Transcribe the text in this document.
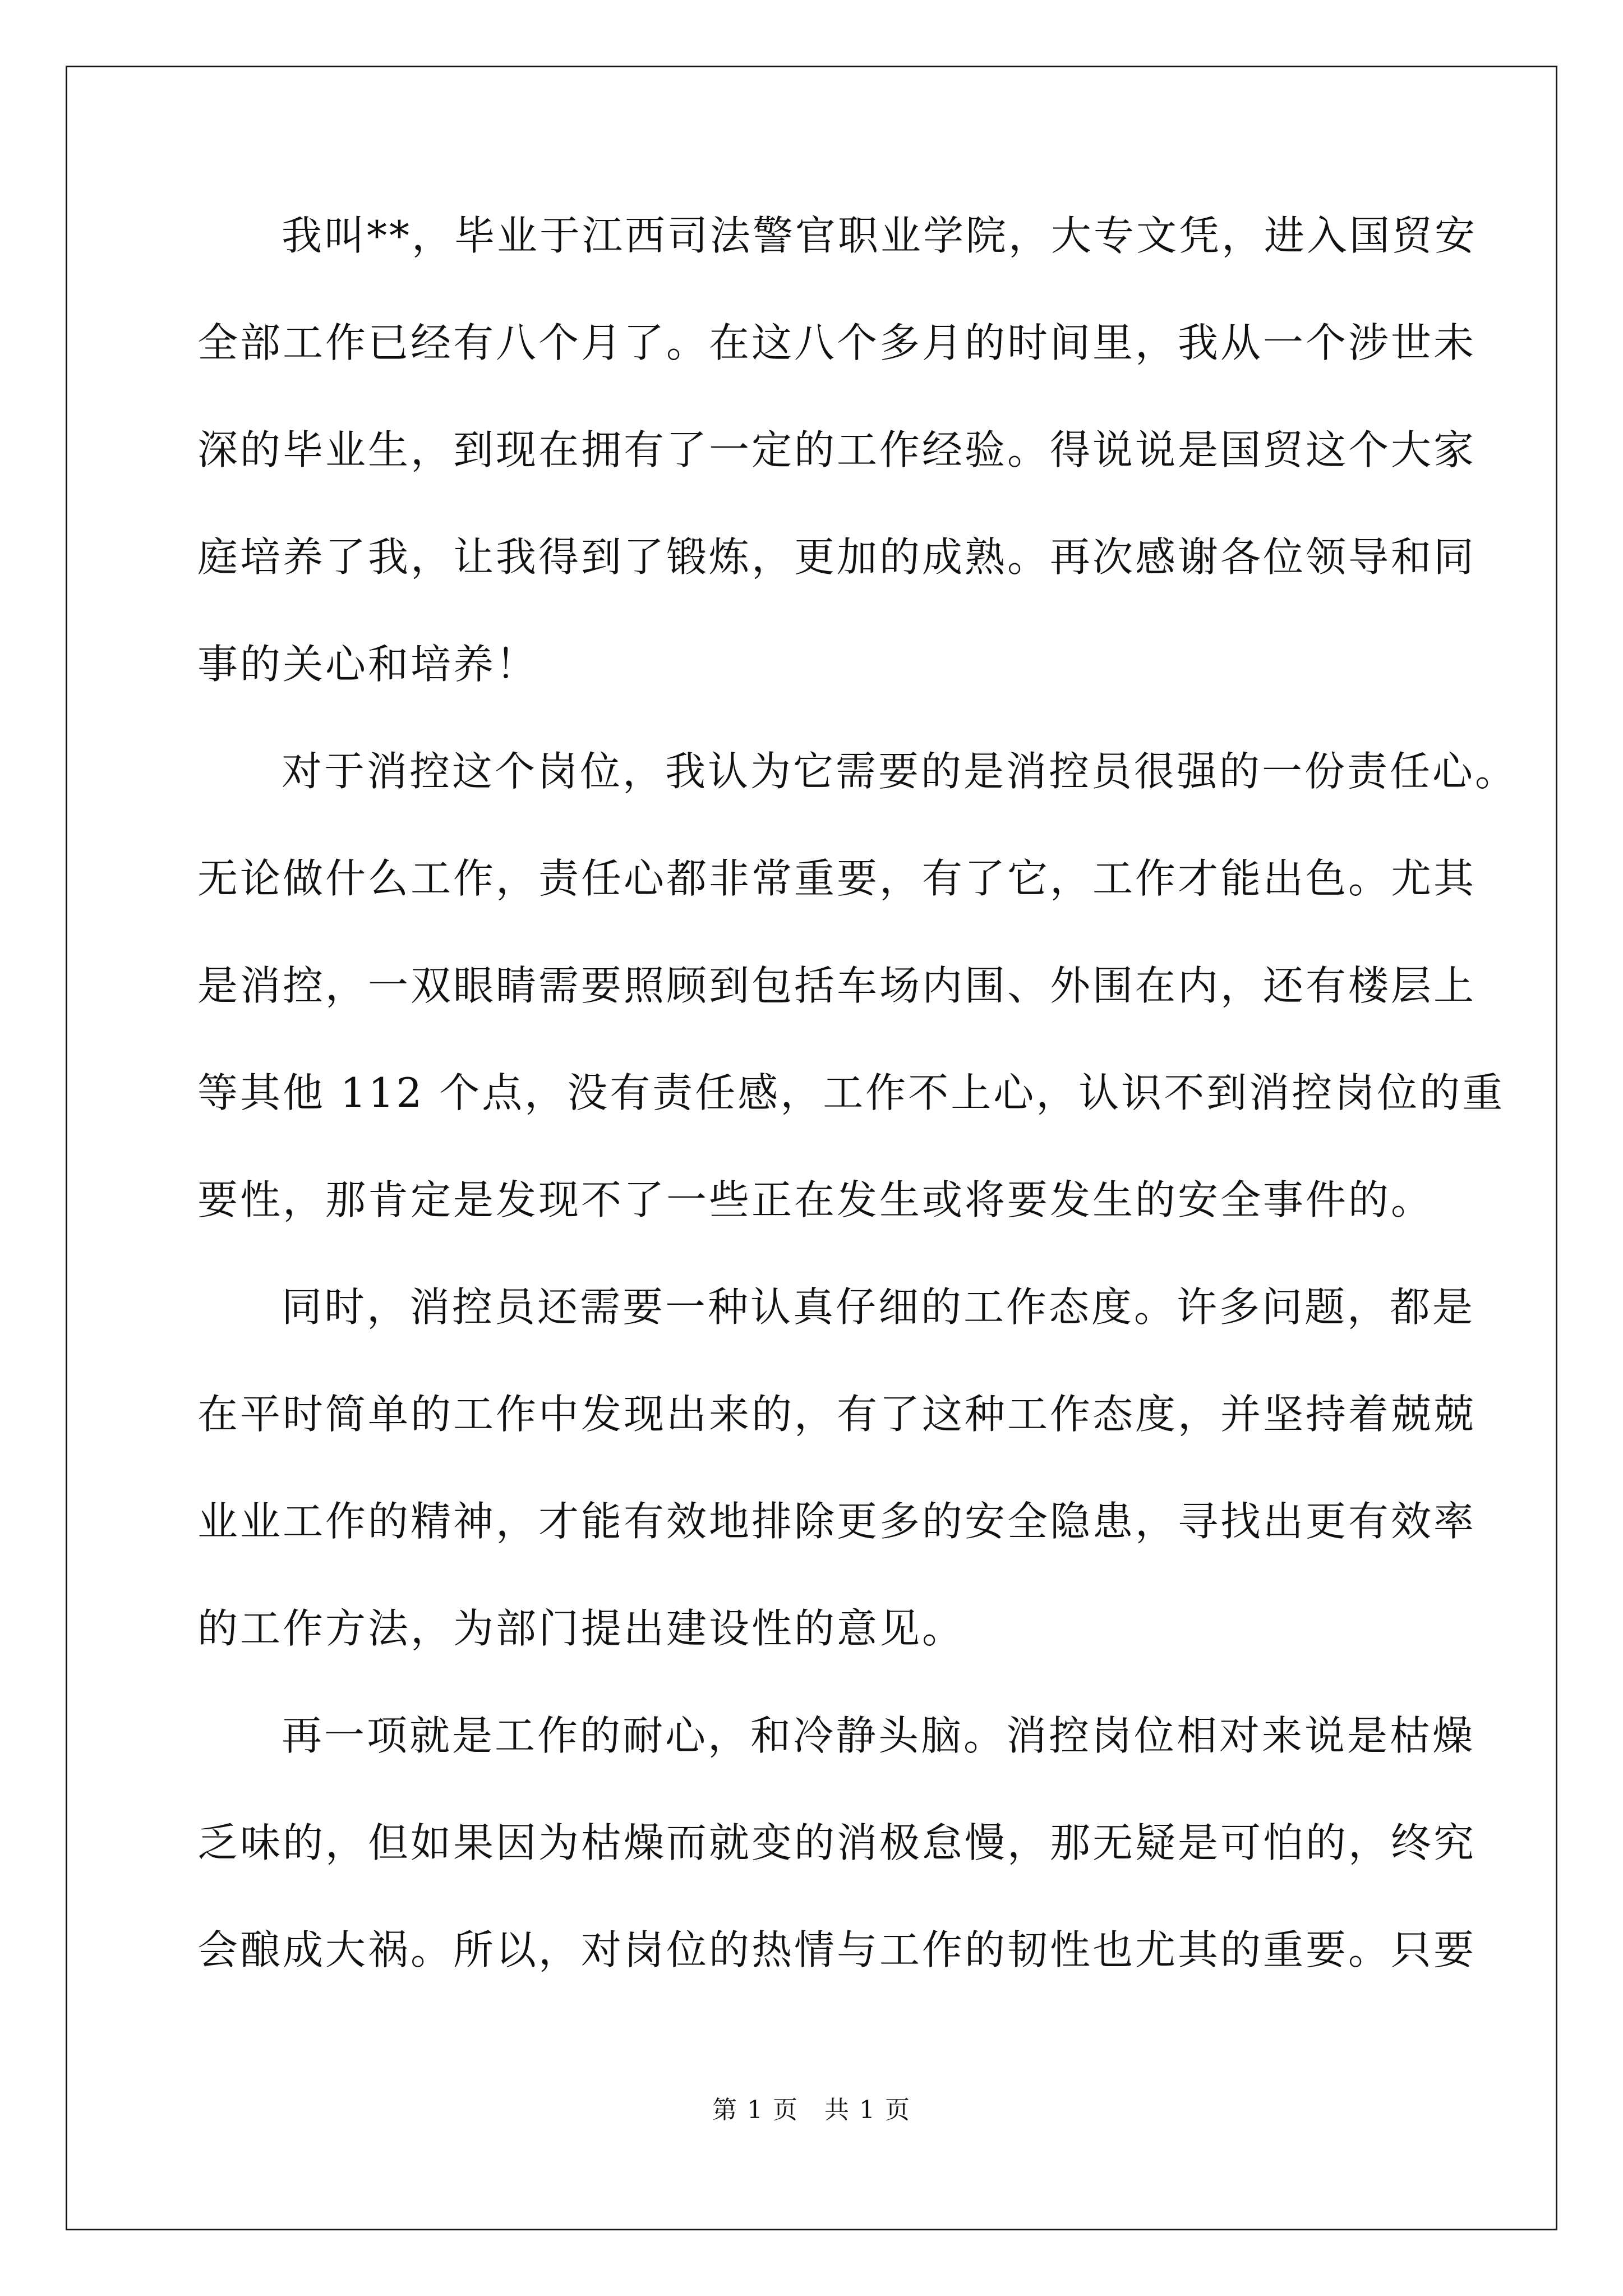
我叫**，毕业于江西司法警官职业学院，大专文凭，进入国贸安
全部工作已经有八个月了。在这八个多月的时间里，我从一个涉世未
深的毕业生，到现在拥有了一定的工作经验。得说说是国贸这个大家
庭培养了我，让我得到了锻炼，更加的成熟。再次感谢各位领导和同
事的关心和培养！
对于消控这个岗位，我认为它需要的是消控员很强的一份责任心。
无论做什么工作，责任心都非常重要，有了它，工作才能出色。尤其
是消控，一双眼睛需要照顾到包括车场内围、外围在内，还有楼层上
等其他 112 个点，没有责任感，工作不上心，认识不到消控岗位的重
要性，那肯定是发现不了一些正在发生或将要发生的安全事件的。
同时，消控员还需要一种认真仔细的工作态度。许多问题，都是
在平时简单的工作中发现出来的，有了这种工作态度，并坚持着兢兢
业业工作的精神，才能有效地排除更多的安全隐患，寻找出更有效率
的工作方法，为部门提出建设性的意见。
再一项就是工作的耐心，和冷静头脑。消控岗位相对来说是枯燥
乏味的，但如果因为枯燥而就变的消极怠慢，那无疑是可怕的，终究
会酿成大祸。所以，对岗位的热情与工作的韧性也尤其的重要。只要
第 1 页　共 1 页
